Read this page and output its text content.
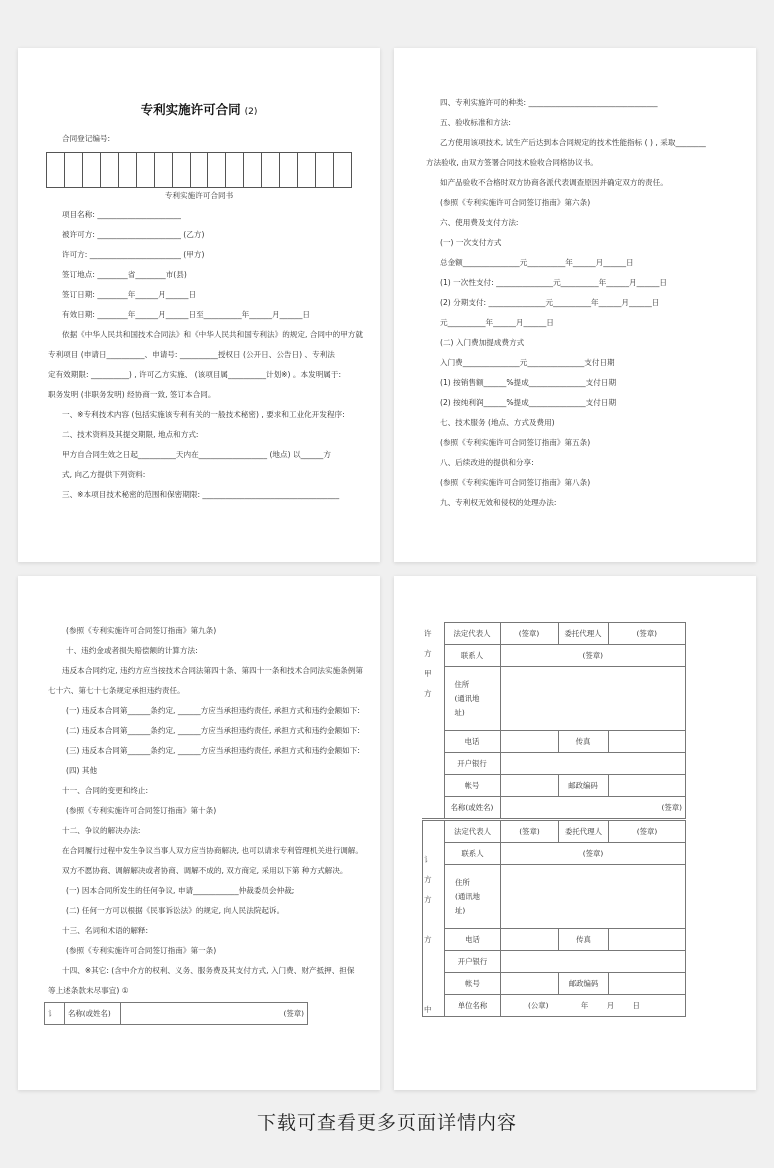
专利实施许可合同 (2)
合同登记编号:
专利实施许可合同书
项目名称: ______________________
被许可方: ______________________ (乙方)
许可方: ________________________ (甲方)
签订地点: ________省________市(县)
签订日期: ________年______月______日
有效日期: ________年______月______日至__________年______月______日
依据《中华人民共和国技术合同法》和《中华人民共和国专利法》的规定, 合同中的甲方就
专利项目 (申请日__________、申请号: __________授权日 (公开日、公告日) 、专利法
定有效期限: __________) , 许可乙方实施、 (该项目属__________计划※) 。本发明属于:
职务发明 (非职务发明) 经协商一致, 签订本合同。
一、※专利技术内容 (包括实施该专利有关的一般技术秘密) , 要求和工业化开发程序:
二、技术资料及其提交期限, 地点和方式:
甲方自合同生效之日起__________天内在__________________ (地点) 以______方
式, 向乙方提供下列资料:
三、※本项目技术秘密的范围和保密期限: ____________________________________
四、专利实施许可的种类: __________________________________
五、验收标准和方法:
乙方使用该项技术, 试生产后达到本合同规定的技术性能指标 ( ) , 采取________
方法验收, 由双方签署合同技术验收合同格协议书。
如产品验收不合格时双方协商各派代表调查原因并确定双方的责任。
(参照《专利实施许可合同签订指南》第六条)
六、使用费及支付方法:
(一) 一次支付方式
总金额_______________元__________年______月______日
(1) 一次性支付: _______________元__________年______月______日
(2) 分期支付: _______________元__________年______月______日
元__________年______月______日
(二) 入门费加提成费方式
入门费_______________元_______________支付日期
(1) 按销售额______%提成_______________支付日期
(2) 按纯利润______%提成_______________支付日期
七、技术服务 (地点、方式及费用)
(参照《专利实施许可合同签订指南》第五条)
八、后续改进的提供和分享:
(参照《专利实施许可合同签订指南》第八条)
九、专利权无效和侵权的处理办法:
(参照《专利实施许可合同签订指南》第九条)
十、违约金或者损失赔偿额的计算方法:
违反本合同约定, 违约方应当按技术合同法第四十条、第四十一条和技术合同法实施条例第
七十六、第七十七条规定承担违约责任。
(一) 违反本合同第______条约定, ______方应当承担违约责任, 承担方式和违约金额如下:
(二) 违反本合同第______条约定, ______方应当承担违约责任, 承担方式和违约金额如下:
(三) 违反本合同第______条约定, ______方应当承担违约责任, 承担方式和违约金额如下:
(四) 其他
十一、合同的变更和终止:
(参照《专利实施许可合同签订指南》第十条)
十二、争议的解决办法:
在合同履行过程中发生争议当事人双方应当协商解决, 也可以请求专利管理机关进行调解。
双方不愿协商、调解解决或者协商、调解不成的, 双方商定, 采用以下第 种方式解决。
(一) 因本合同所发生的任何争议, 申请____________仲裁委员会仲裁;
(二) 任何一方可以根据《民事诉讼法》的规定, 向人民法院起诉。
十三、名词和术语的解释:
(参照《专利实施许可合同签订指南》第一条)
十四、※其它: (含中介方的权利、义务、服务费及其支付方式, 入门费、财产抵押、担保
等上述条款未尽事宜) ①
讠	名称(或姓名)	(签章)
许
方
甲
方
讠
方
方
方
中
	法定代表人	(签章)	委托代理人	(签章)
	联系人	(签章)		
	住所
(通讯地
址)			
	电话		传真	
	开户银行			
	帐号		邮政编码	
	名称(或姓名)	(签章)		
	法定代表人	(签章)	委托代理人	(签章)
	联系人	(签章)		
	住所
(通讯地
址)			
	电话		传真	
	开户银行			
	帐号		邮政编码	
	单位名称	(公章) 年 月 日		
下载可查看更多页面详情内容
